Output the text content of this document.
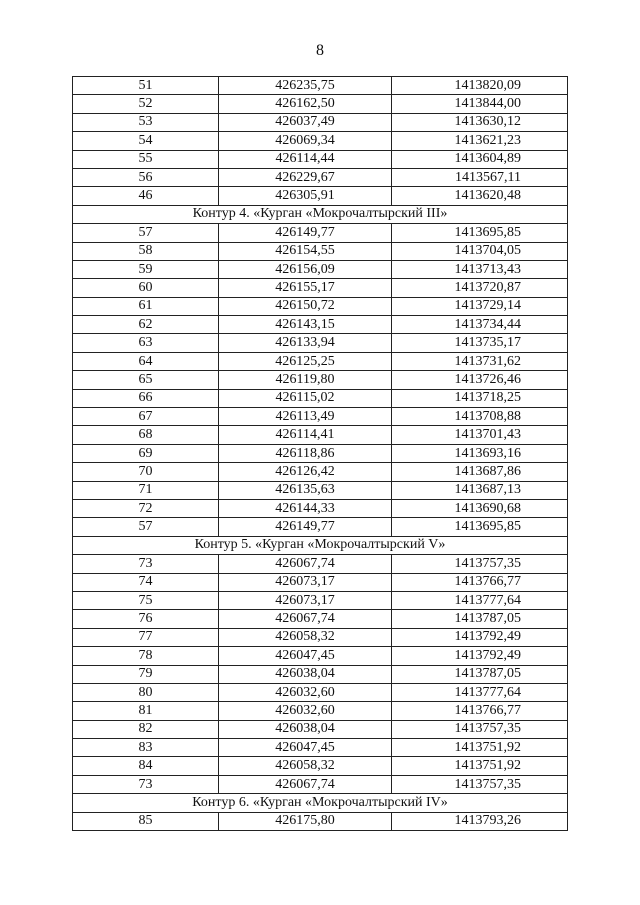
8
51	426235,75	1413820,09
52	426162,50	1413844,00
53	426037,49	1413630,12
54	426069,34	1413621,23
55	426114,44	1413604,89
56	426229,67	1413567,11
46	426305,91	1413620,48
Контур 4. «Курган «Мокрочалтырский III»		
57	426149,77	1413695,85
58	426154,55	1413704,05
59	426156,09	1413713,43
60	426155,17	1413720,87
61	426150,72	1413729,14
62	426143,15	1413734,44
63	426133,94	1413735,17
64	426125,25	1413731,62
65	426119,80	1413726,46
66	426115,02	1413718,25
67	426113,49	1413708,88
68	426114,41	1413701,43
69	426118,86	1413693,16
70	426126,42	1413687,86
71	426135,63	1413687,13
72	426144,33	1413690,68
57	426149,77	1413695,85
Контур 5. «Курган «Мокрочалтырский V»		
73	426067,74	1413757,35
74	426073,17	1413766,77
75	426073,17	1413777,64
76	426067,74	1413787,05
77	426058,32	1413792,49
78	426047,45	1413792,49
79	426038,04	1413787,05
80	426032,60	1413777,64
81	426032,60	1413766,77
82	426038,04	1413757,35
83	426047,45	1413751,92
84	426058,32	1413751,92
73	426067,74	1413757,35
Контур 6. «Курган «Мокрочалтырский IV»		
85	426175,80	1413793,26
